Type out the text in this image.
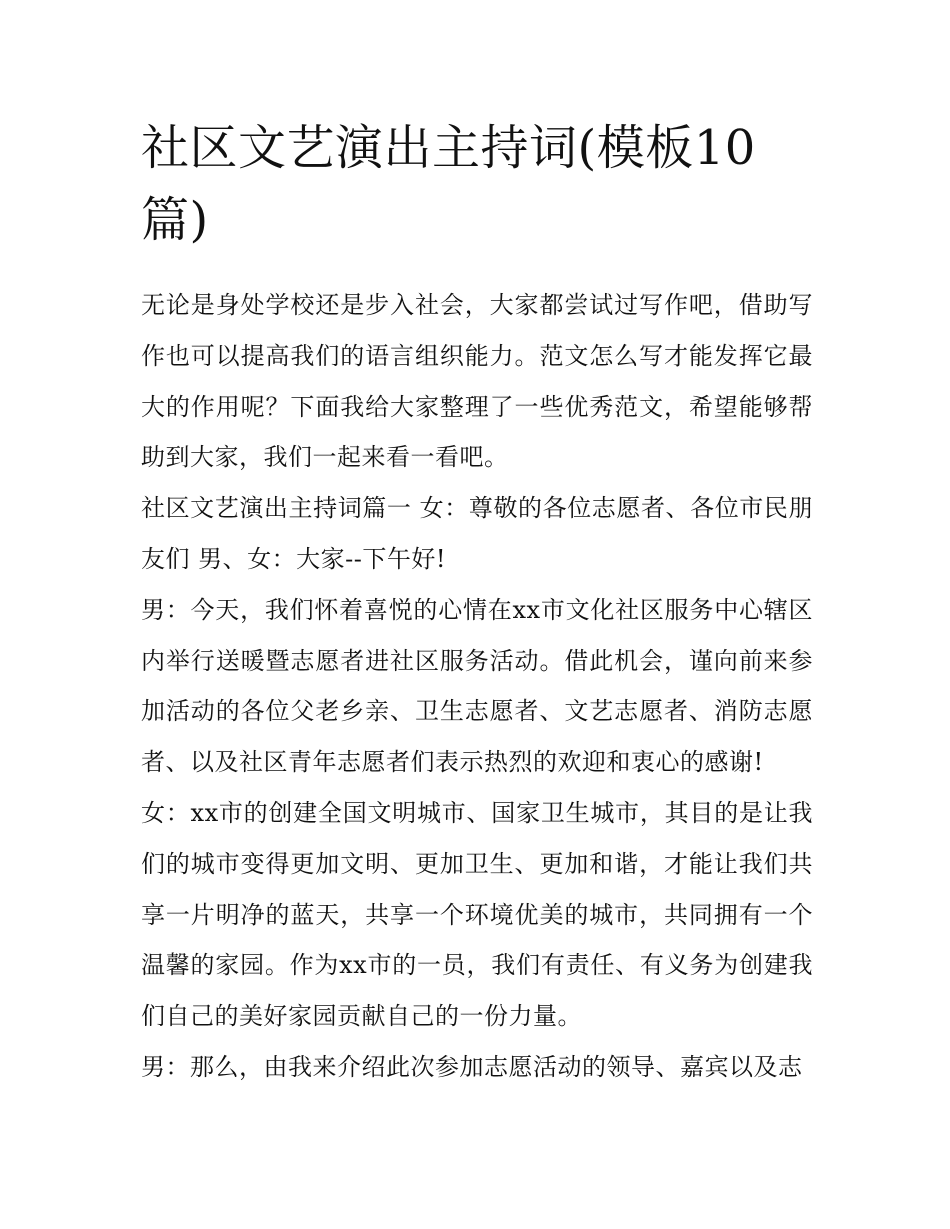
社区文艺演出主持词(模板10篇)

无论是身处学校还是步入社会，大家都尝试过写作吧，借助写作也可以提高我们的语言组织能力。范文怎么写才能发挥它最大的作用呢？下面我给大家整理了一些优秀范文，希望能够帮助到大家，我们一起来看一看吧。

社区文艺演出主持词篇一 女：尊敬的各位志愿者、各位市民朋友们 男、女：大家--下午好!

男：今天，我们怀着喜悦的心情在xx市文化社区服务中心辖区内举行送暖暨志愿者进社区服务活动。借此机会，谨向前来参加活动的各位父老乡亲、卫生志愿者、文艺志愿者、消防志愿者、以及社区青年志愿者们表示热烈的欢迎和衷心的感谢!

女：xx市的创建全国文明城市、国家卫生城市，其目的是让我们的城市变得更加文明、更加卫生、更加和谐，才能让我们共享一片明净的蓝天，共享一个环境优美的城市，共同拥有一个温馨的家园。作为xx市的一员，我们有责任、有义务为创建我们自己的美好家园贡献自己的一份力量。

男：那么，由我来介绍此次参加志愿活动的领导、嘉宾以及志
